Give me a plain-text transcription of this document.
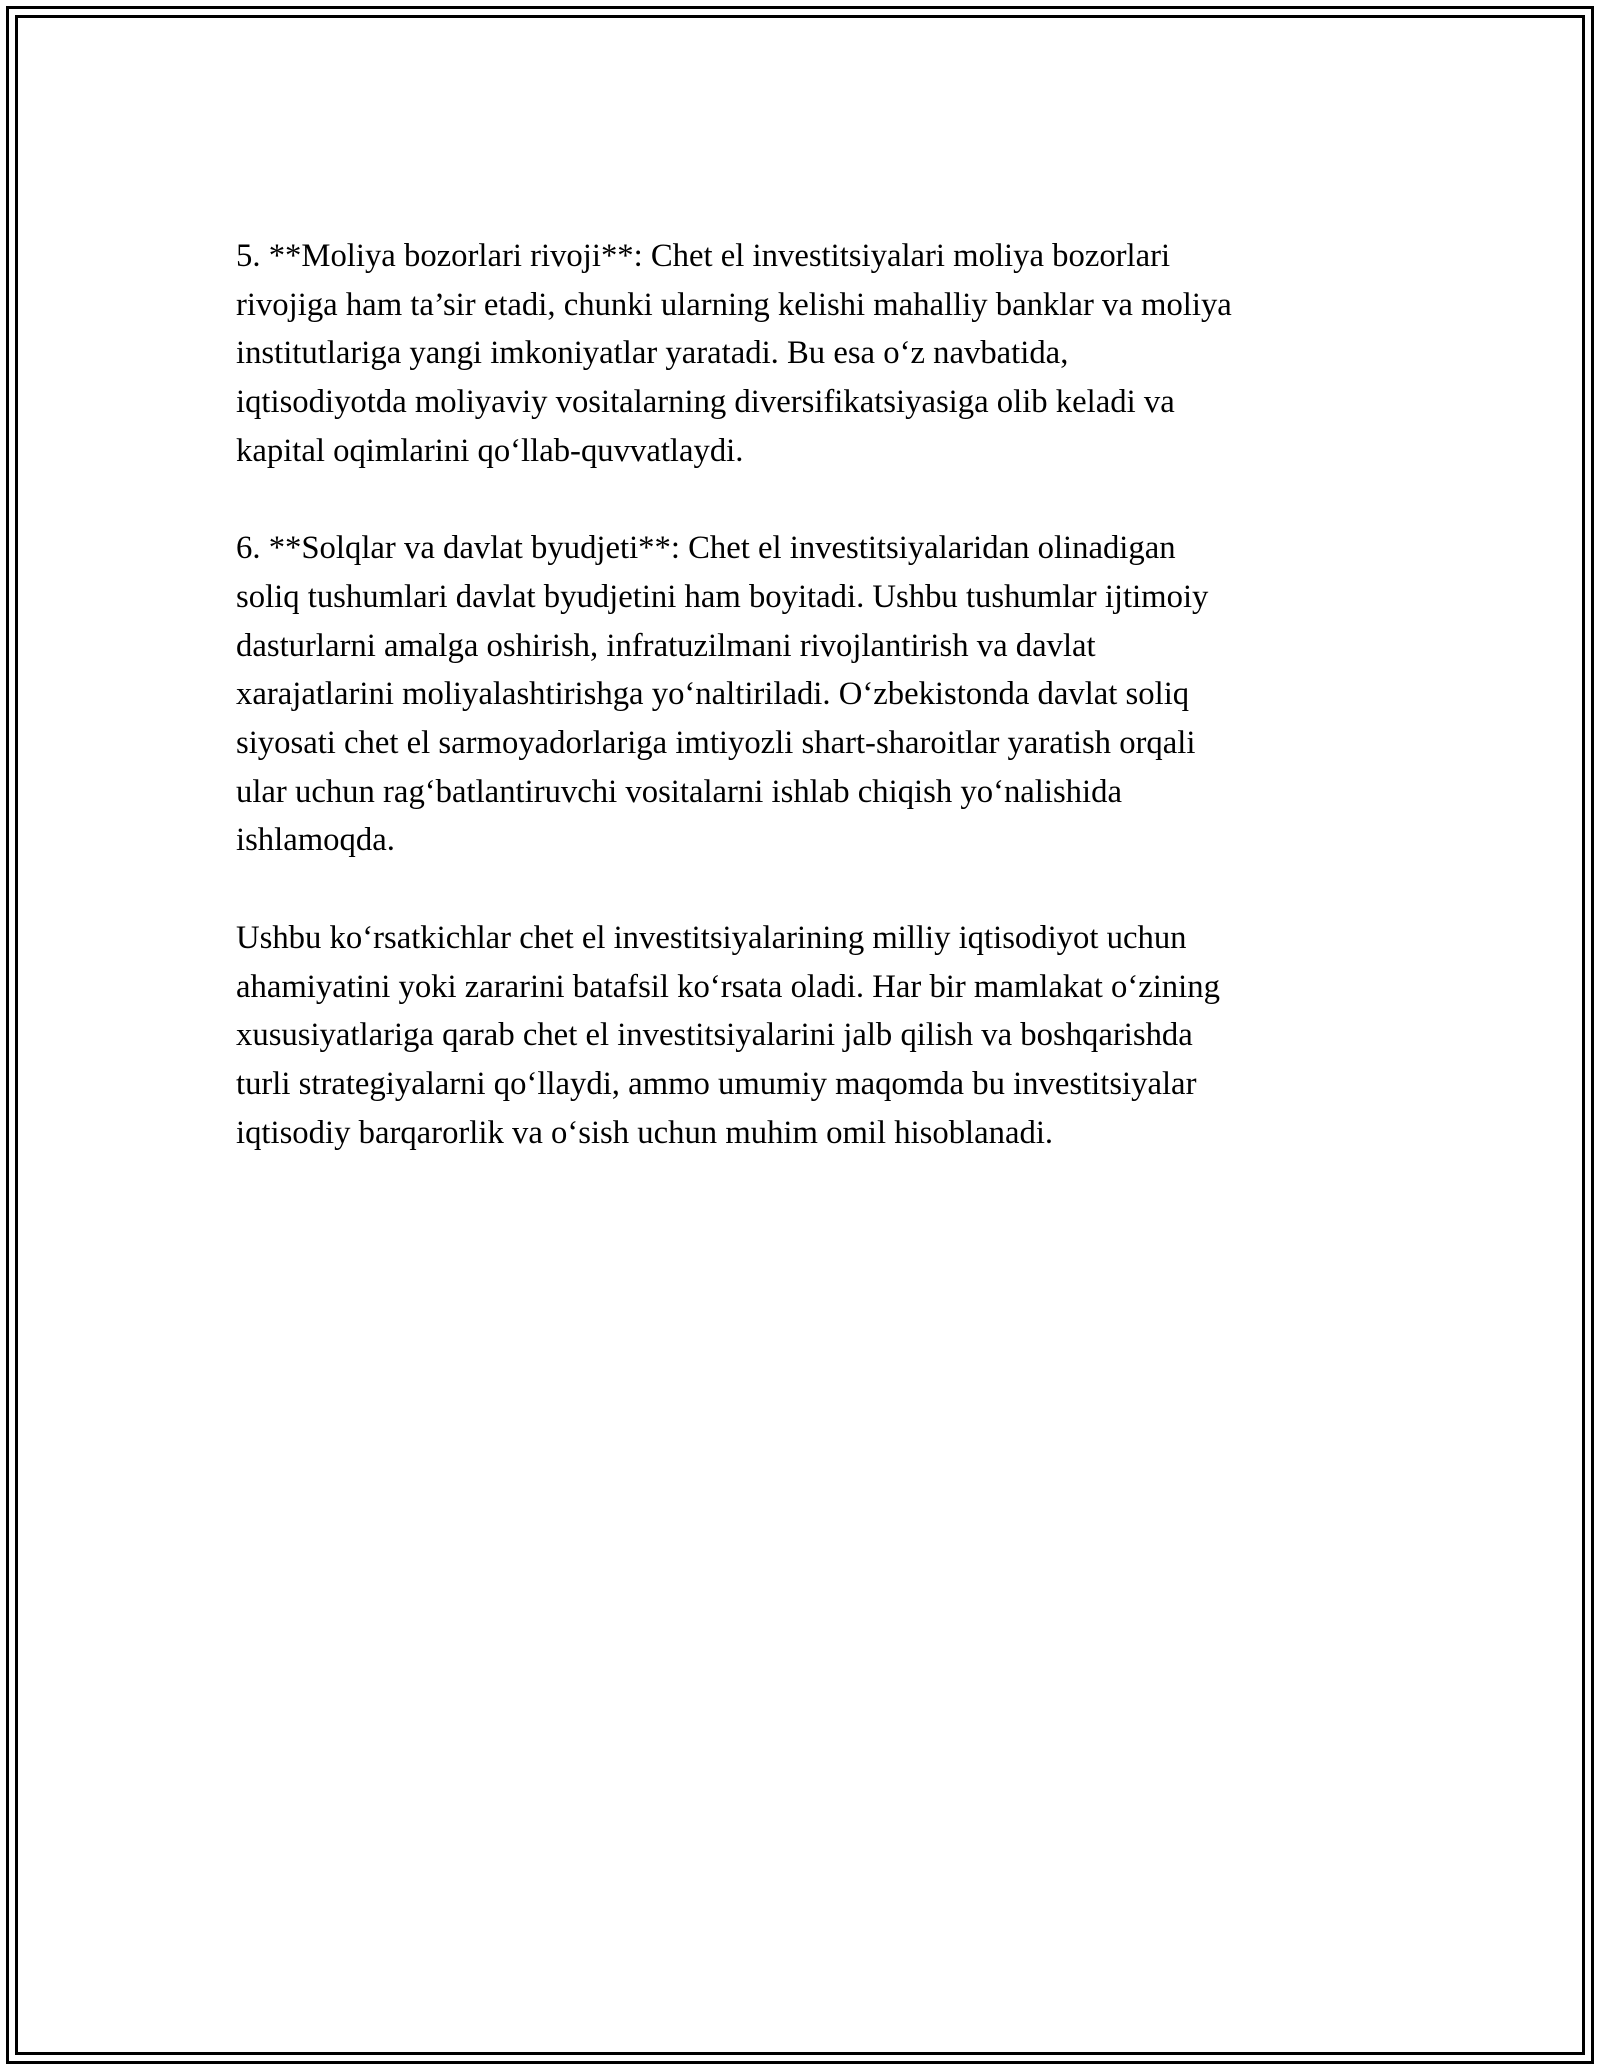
5. **Moliya bozorlari rivoji**: Chet el investitsiyalari moliya bozorlari
rivojiga ham ta’sir etadi, chunki ularning kelishi mahalliy banklar va moliya
institutlariga yangi imkoniyatlar yaratadi. Bu esa o‘z navbatida,
iqtisodiyotda moliyaviy vositalarning diversifikatsiyasiga olib keladi va
kapital oqimlarini qo‘llab-quvvatlaydi.

6. **Solqlar va davlat byudjeti**: Chet el investitsiyalaridan olinadigan
soliq tushumlari davlat byudjetini ham boyitadi. Ushbu tushumlar ijtimoiy
dasturlarni amalga oshirish, infratuzilmani rivojlantirish va davlat
xarajatlarini moliyalashtirishga yo‘naltiriladi. O‘zbekistonda davlat soliq
siyosati chet el sarmoyadorlariga imtiyozli shart-sharoitlar yaratish orqali
ular uchun rag‘batlantiruvchi vositalarni ishlab chiqish yo‘nalishida
ishlamoqda.

Ushbu ko‘rsatkichlar chet el investitsiyalarining milliy iqtisodiyot uchun
ahamiyatini yoki zararini batafsil ko‘rsata oladi. Har bir mamlakat o‘zining
xususiyatlariga qarab chet el investitsiyalarini jalb qilish va boshqarishda
turli strategiyalarni qo‘llaydi, ammo umumiy maqomda bu investitsiyalar
iqtisodiy barqarorlik va o‘sish uchun muhim omil hisoblanadi.
